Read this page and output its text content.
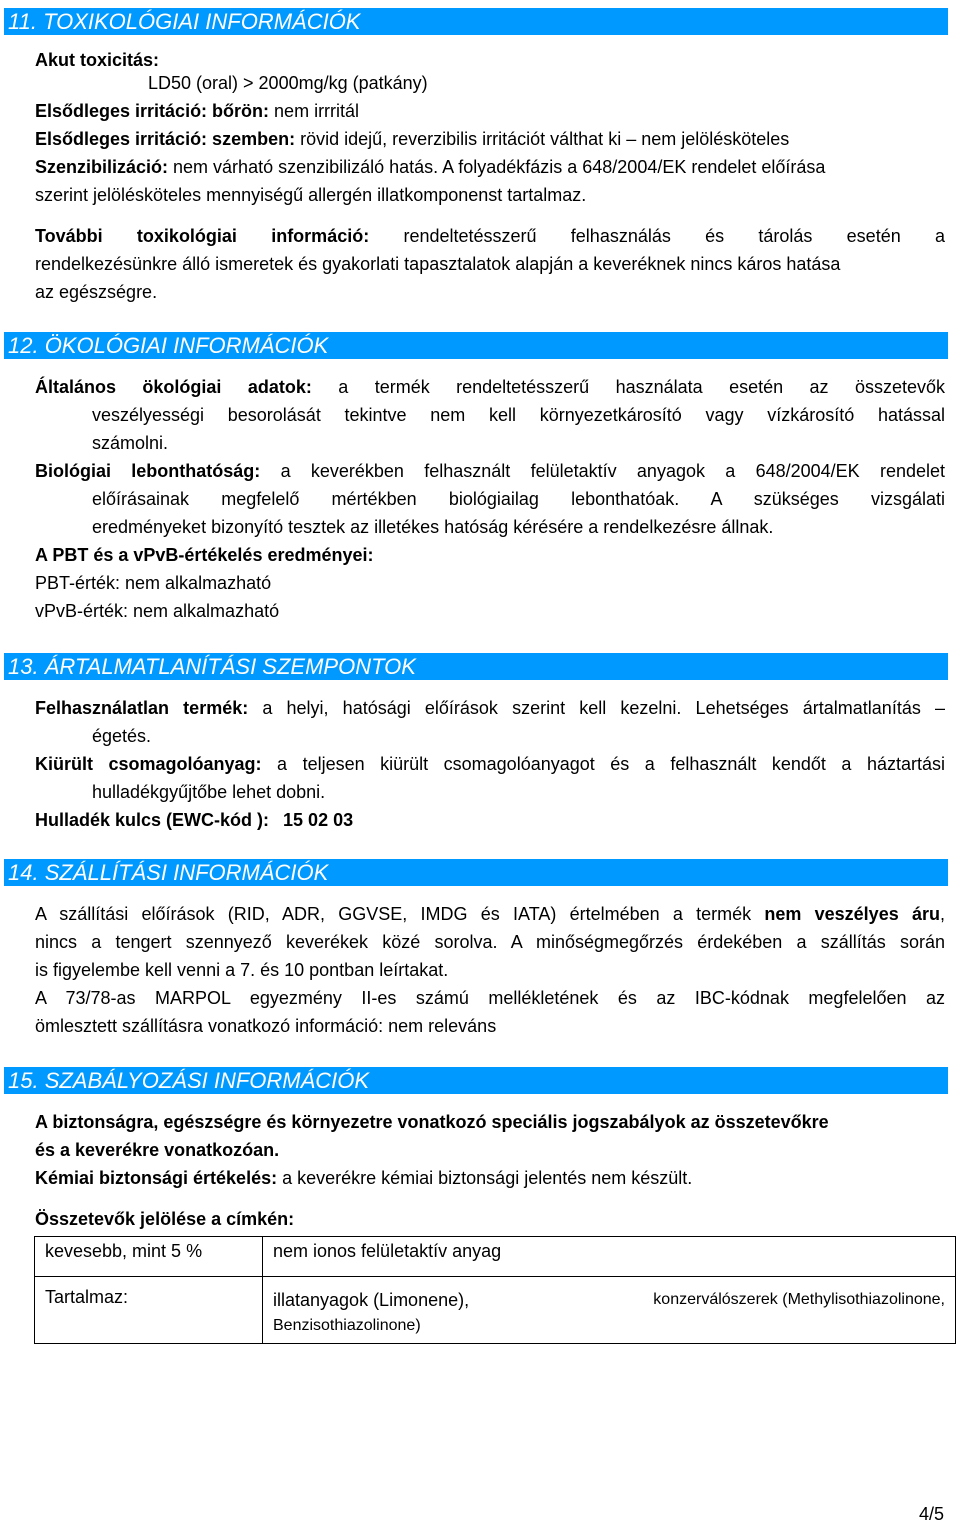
11. TOXIKOLÓGIAI INFORMÁCIÓK
Akut toxicitás:
LD50 (oral) > 2000mg/kg (patkány)
Elsődleges irritáció: bőrön: nem irrritál
Elsődleges irritáció: szemben: rövid idejű, reverzibilis irritációt válthat ki – nem jelölésköteles
Szenzibilizáció: nem várható szenzibilizáló hatás. A folyadékfázis a 648/2004/EK rendelet előírása
szerint jelölésköteles mennyiségű allergén illatkomponenst tartalmaz.
További toxikológiai információ: rendeltetésszerű felhasználás és tárolás esetén a
rendelkezésünkre álló ismeretek és gyakorlati tapasztalatok alapján a keveréknek nincs káros hatása
az egészségre.
12. ÖKOLÓGIAI INFORMÁCIÓK
Általános ökológiai adatok: a termék rendeltetésszerű használata esetén az összetevők
veszélyességi besorolását tekintve nem kell környezetkárosító vagy vízkárosító hatással
számolni.
Biológiai lebonthatóság: a keverékben felhasznált felületaktív anyagok a 648/2004/EK rendelet
előírásainak megfelelő mértékben biológiailag lebonthatóak. A szükséges vizsgálati
eredményeket bizonyító tesztek az illetékes hatóság kérésére a rendelkezésre állnak.
A PBT és a vPvB-értékelés eredményei:
PBT-érték: nem alkalmazható
vPvB-érték: nem alkalmazható
13. ÁRTALMATLANÍTÁSI SZEMPONTOK
Felhasználatlan termék: a helyi, hatósági előírások szerint kell kezelni. Lehetséges ártalmatlanítás –
égetés.
Kiürült csomagolóanyag: a teljesen kiürült csomagolóanyagot és a felhasznált kendőt a háztartási
hulladékgyűjtőbe lehet dobni.
Hulladék kulcs (EWC-kód ): 15 02 03
14. SZÁLLÍTÁSI INFORMÁCIÓK
A szállítási előírások (RID, ADR, GGVSE, IMDG és IATA) értelmében a termék nem veszélyes áru,
nincs a tengert szennyező keverékek közé sorolva. A minőségmegőrzés érdekében a szállítás során
is figyelembe kell venni a 7. és 10 pontban leírtakat.
A 73/78-as MARPOL egyezmény II-es számú mellékletének és az IBC-kódnak megfelelően az
ömlesztett szállításra vonatkozó információ: nem releváns
15. SZABÁLYOZÁSI INFORMÁCIÓK
A biztonságra, egészségre és környezetre vonatkozó speciális jogszabályok az összetevőkre
és a keverékre vonatkozóan.
Kémiai biztonsági értékelés: a keverékre kémiai biztonsági jelentés nem készült.
Összetevők jelölése a címkén:
kevesebb, mint 5 %	nem ionos felületaktív anyag
Tartalmaz:	illatanyagok (Limonene), konzerválószerek (Methylisothiazolinone,
Benzisothiazolinone)
4/5
